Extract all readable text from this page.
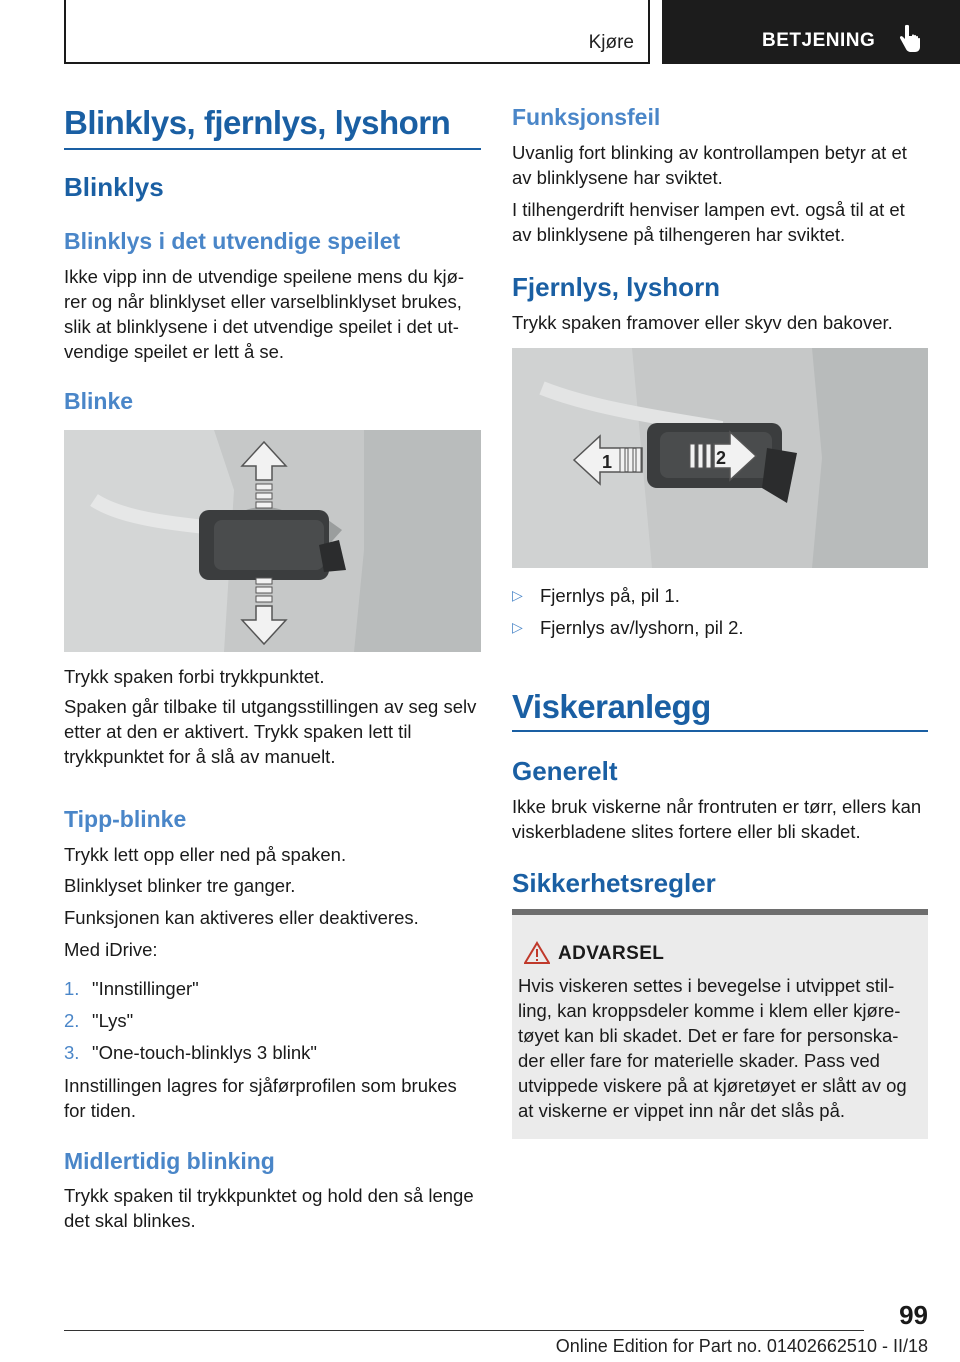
Kjøre	BETJENING
Blinklys, fjernlys, lyshorn
Blinklys
Blinklys i det utvendige speilet
Ikke vipp inn de utvendige speilene mens du kjø-rer og når blinklyset eller varselblinklyset brukes, slik at blinklysene i det utvendige speilet i det ut-vendige speilet er lett å se.
Blinke
Trykk spaken forbi trykkpunktet.
Spaken går tilbake til utgangsstillingen av seg selv etter at den er aktivert. Trykk spaken lett til trykkpunktet for å slå av manuelt.
Tipp-blinke
Trykk lett opp eller ned på spaken.
Blinklyset blinker tre ganger.
Funksjonen kan aktiveres eller deaktiveres.
Med iDrive:
1. "Innstillinger"
2. "Lys"
3. "One-touch-blinklys 3 blink"
Innstillingen lagres for sjåførprofilen som brukes for tiden.
Midlertidig blinking
Trykk spaken til trykkpunktet og hold den så lenge det skal blinkes.
Funksjonsfeil
Uvanlig fort blinking av kontrollampen betyr at et av blinklysene har sviktet.
I tilhengerdrift henviser lampen evt. også til at et av blinklysene på tilhengeren har sviktet.
Fjernlys, lyshorn
Trykk spaken framover eller skyv den bakover.
1	2
▷ Fjernlys på, pil 1.
▷ Fjernlys av/lyshorn, pil 2.
Viskeranlegg
Generelt
Ikke bruk viskerne når frontruten er tørr, ellers kan viskerbladene slites fortere eller bli skadet.
Sikkerhetsregler
ADVARSEL
Hvis viskeren settes i bevegelse i utvippet stil-ling, kan kroppsdeler komme i klem eller kjøre-tøyet kan bli skadet. Det er fare for personska-der eller fare for materielle skader. Pass ved utvippede viskere på at kjøretøyet er slått av og at viskerne er vippet inn når det slås på.
99
Online Edition for Part no. 01402662510 - II/18
